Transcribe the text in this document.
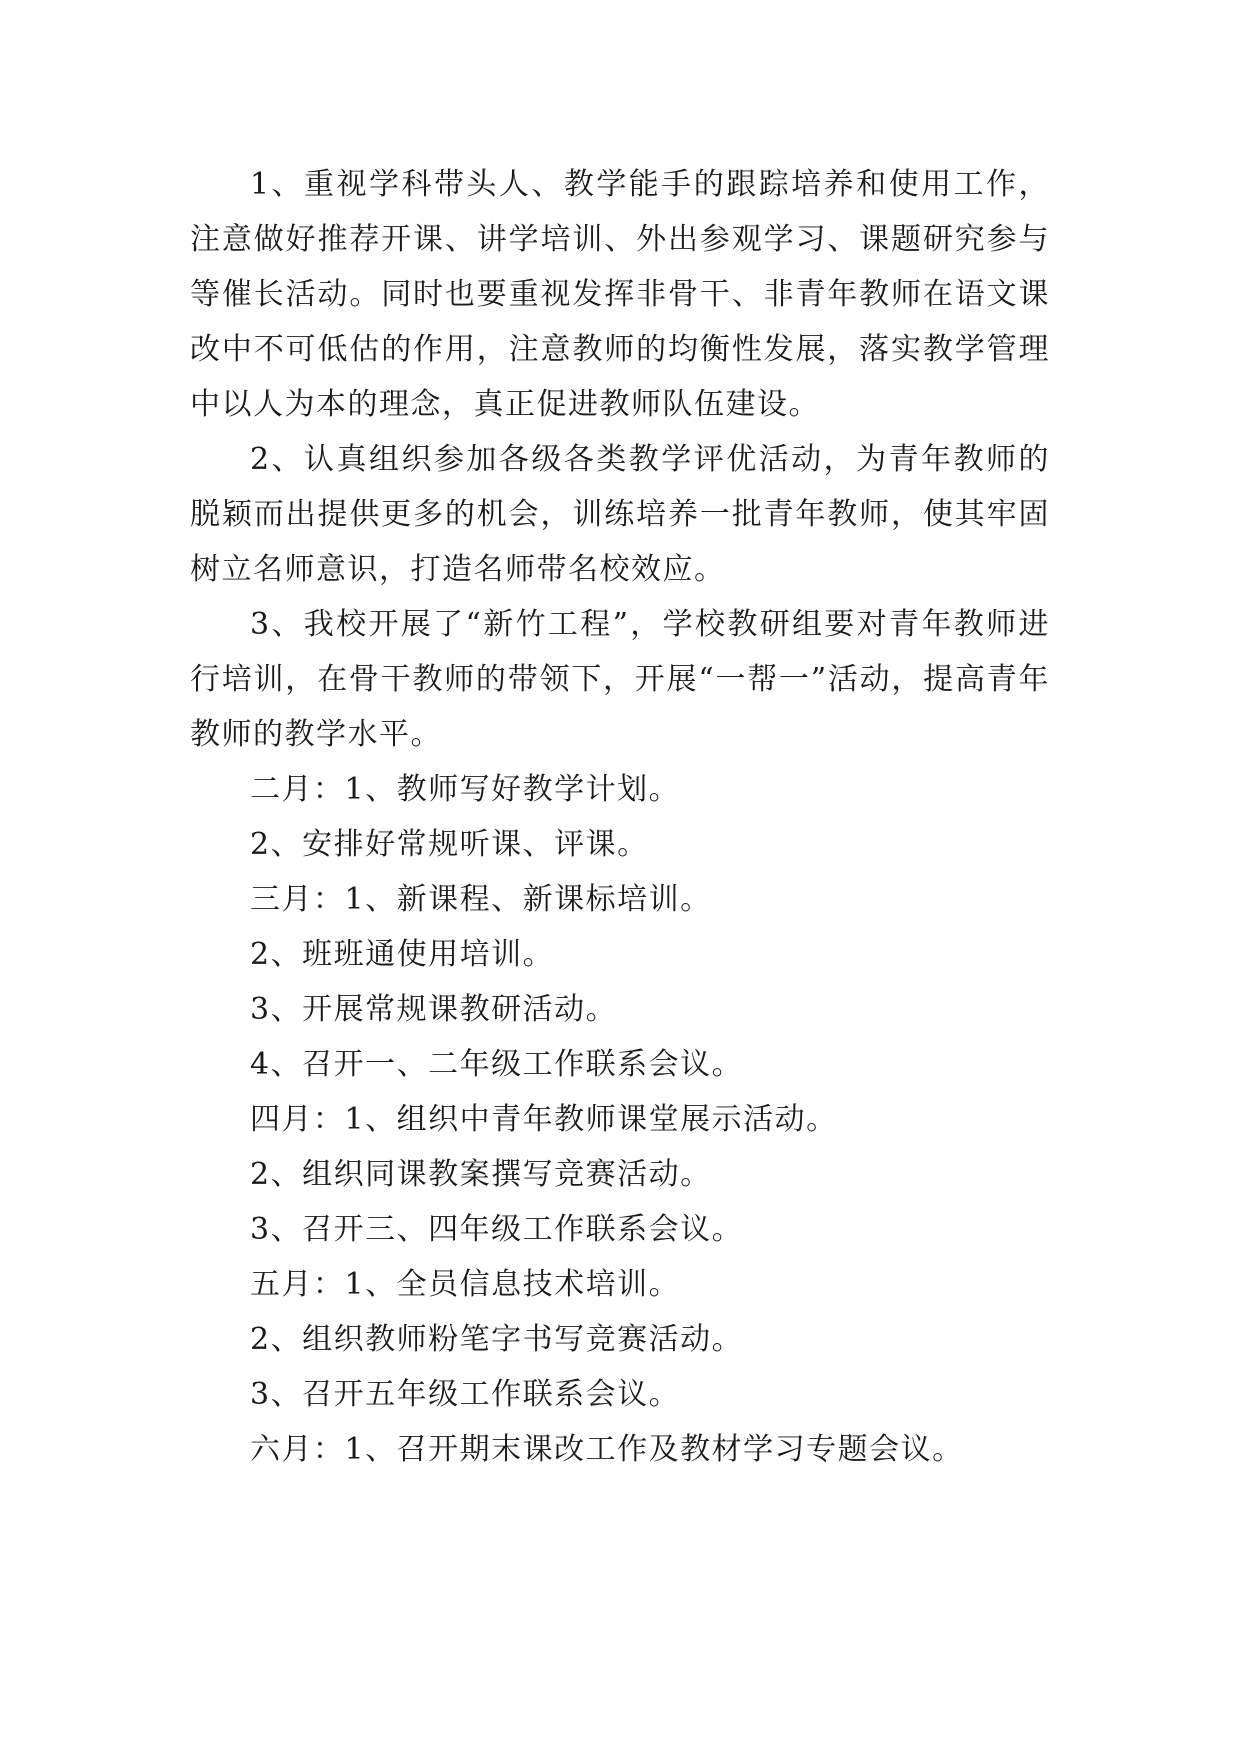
1、重视学科带头人、教学能手的跟踪培养和使用工作，注意做好推荐开课、讲学培训、外出参观学习、课题研究参与等催长活动。同时也要重视发挥非骨干、非青年教师在语文课改中不可低估的作用，注意教师的均衡性发展，落实教学管理中以人为本的理念，真正促进教师队伍建设。

2、认真组织参加各级各类教学评优活动，为青年教师的脱颖而出提供更多的机会，训练培养一批青年教师，使其牢固树立名师意识，打造名师带名校效应。

3、我校开展了“新竹工程”，学校教研组要对青年教师进行培训，在骨干教师的带领下，开展“一帮一”活动，提高青年教师的教学水平。

二月：1、教师写好教学计划。

2、安排好常规听课、评课。

三月：1、新课程、新课标培训。

2、班班通使用培训。

3、开展常规课教研活动。

4、召开一、二年级工作联系会议。

四月：1、组织中青年教师课堂展示活动。

2、组织同课教案撰写竞赛活动。

3、召开三、四年级工作联系会议。

五月：1、全员信息技术培训。

2、组织教师粉笔字书写竞赛活动。

3、召开五年级工作联系会议。

六月：1、召开期末课改工作及教材学习专题会议。
